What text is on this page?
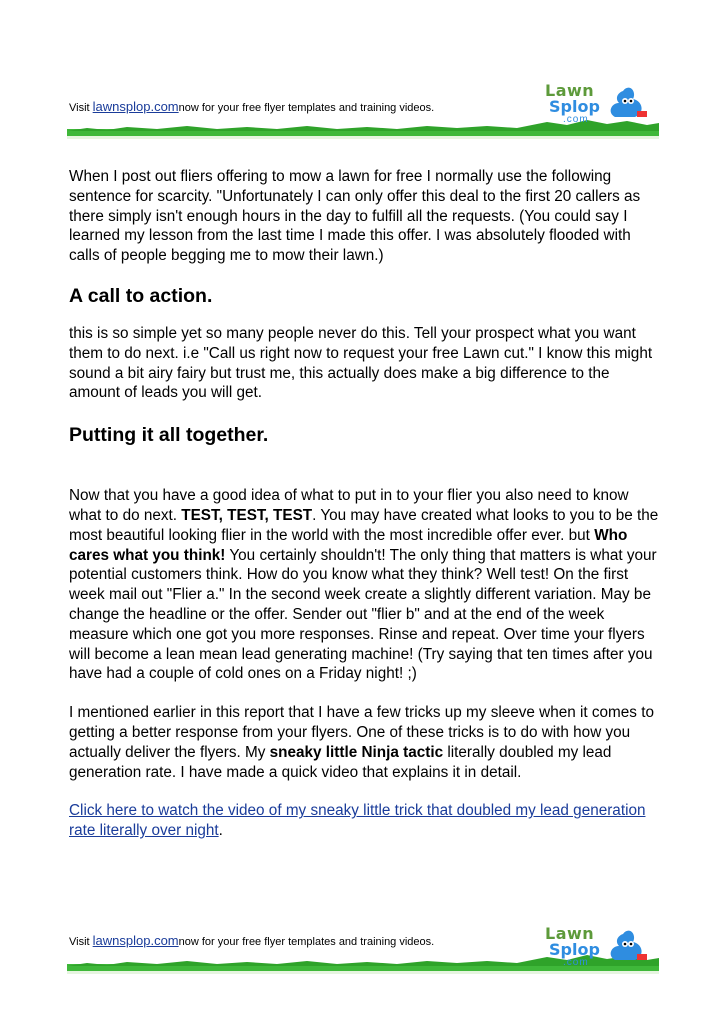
Visit lawnsplop.comnow for your free flyer templates and training videos.
Lawn
Splop
.com

When I post out fliers offering to mow a lawn for free I normally use the following sentence for scarcity. "Unfortunately I can only offer this deal to the first 20 callers as there simply isn't enough hours in the day to fulfill all the requests. (You could say I learned my lesson from the last time I made this offer. I was absolutely flooded with calls of people begging me to mow their lawn.)

A call to action.

this is so simple yet so many people never do this. Tell your prospect what you want them to do next. i.e "Call us right now to request your free Lawn cut." I know this might sound a bit airy fairy but trust me, this actually does make a big difference to the amount of leads you will get.

Putting it all together.

Now that you have a good idea of what to put in to your flier you also need to know what to do next. TEST, TEST, TEST. You may have created what looks to you to be the most beautiful looking flier in the world with the most incredible offer ever. but Who cares what you think! You certainly shouldn't! The only thing that matters is what your potential customers think. How do you know what they think? Well test! On the first week mail out "Flier a." In the second week create a slightly different variation. May be change the headline or the offer. Sender out "flier b" and at the end of the week measure which one got you more responses. Rinse and repeat. Over time your flyers will become a lean mean lead generating machine! (Try saying that ten times after you have had a couple of cold ones on a Friday night! ;)

I mentioned earlier in this report that I have a few tricks up my sleeve when it comes to getting a better response from your flyers. One of these tricks is to do with how you actually deliver the flyers. My sneaky little Ninja tactic literally doubled my lead generation rate. I have made a quick video that explains it in detail.

Click here to watch the video of my sneaky little trick that doubled my lead generation rate literally over night.

Visit lawnsplop.comnow for your free flyer templates and training videos.	Lawn
Splop
.com
